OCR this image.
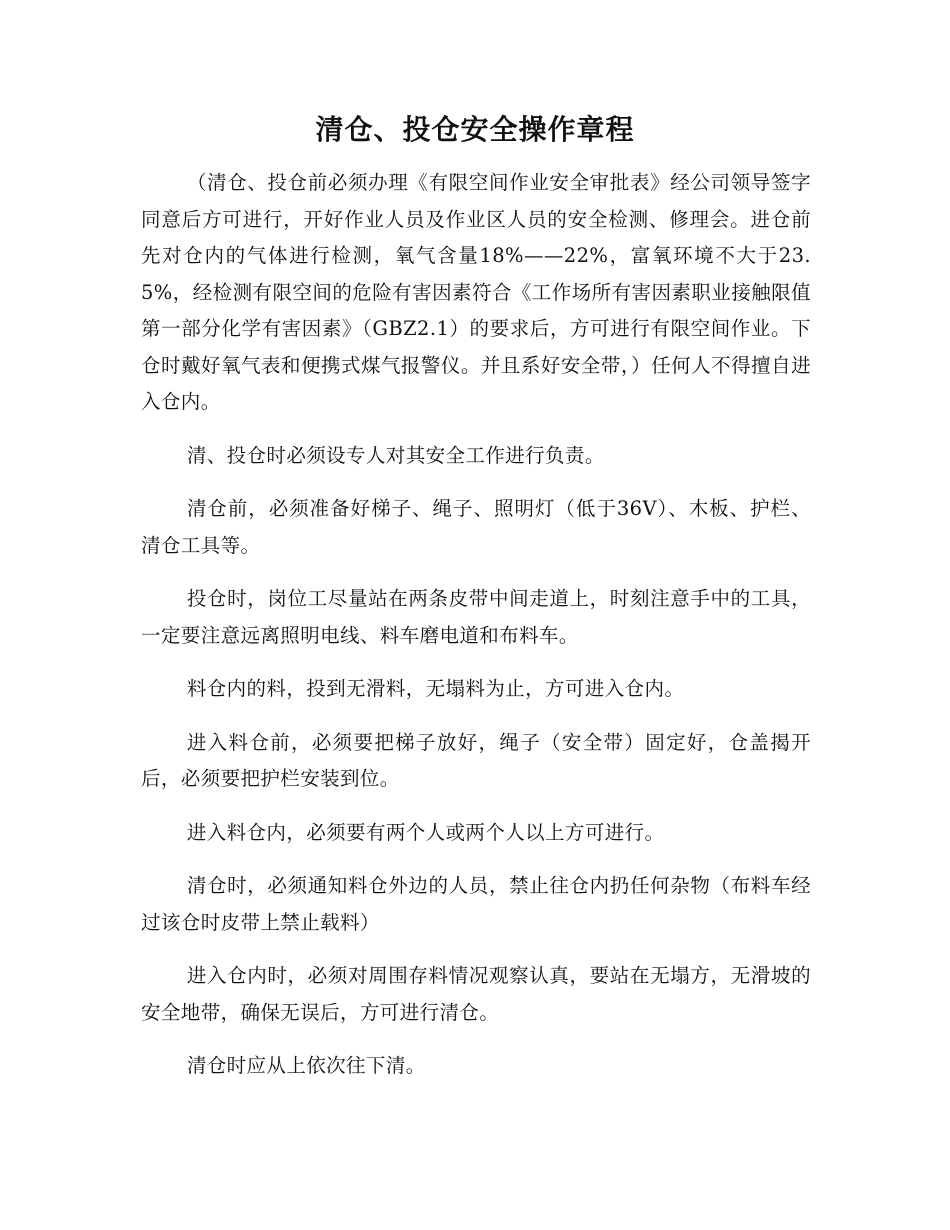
清仓、投仓安全操作章程

（清仓、投仓前必须办理《有限空间作业安全审批表》经公司领导签字同意后方可进行，开好作业人员及作业区人员的安全检测、修理会。进仓前先对仓内的气体进行检测，氧气含量18%——22%，富氧环境不大于23.5%，经检测有限空间的危险有害因素符合《工作场所有害因素职业接触限值第一部分化学有害因素》（GBZ2.1）的要求后，方可进行有限空间作业。下仓时戴好氧气表和便携式煤气报警仪。并且系好安全带，）任何人不得擅自进入仓内。

清、投仓时必须设专人对其安全工作进行负责。

清仓前，必须准备好梯子、绳子、照明灯（低于36V）、木板、护栏、清仓工具等。

投仓时，岗位工尽量站在两条皮带中间走道上，时刻注意手中的工具，一定要注意远离照明电线、料车磨电道和布料车。

料仓内的料，投到无滑料，无塌料为止，方可进入仓内。

进入料仓前，必须要把梯子放好，绳子（安全带）固定好，仓盖揭开后，必须要把护栏安装到位。

进入料仓内，必须要有两个人或两个人以上方可进行。

清仓时，必须通知料仓外边的人员，禁止往仓内扔任何杂物（布料车经过该仓时皮带上禁止载料）

进入仓内时，必须对周围存料情况观察认真，要站在无塌方，无滑坡的安全地带，确保无误后，方可进行清仓。

清仓时应从上依次往下清。
